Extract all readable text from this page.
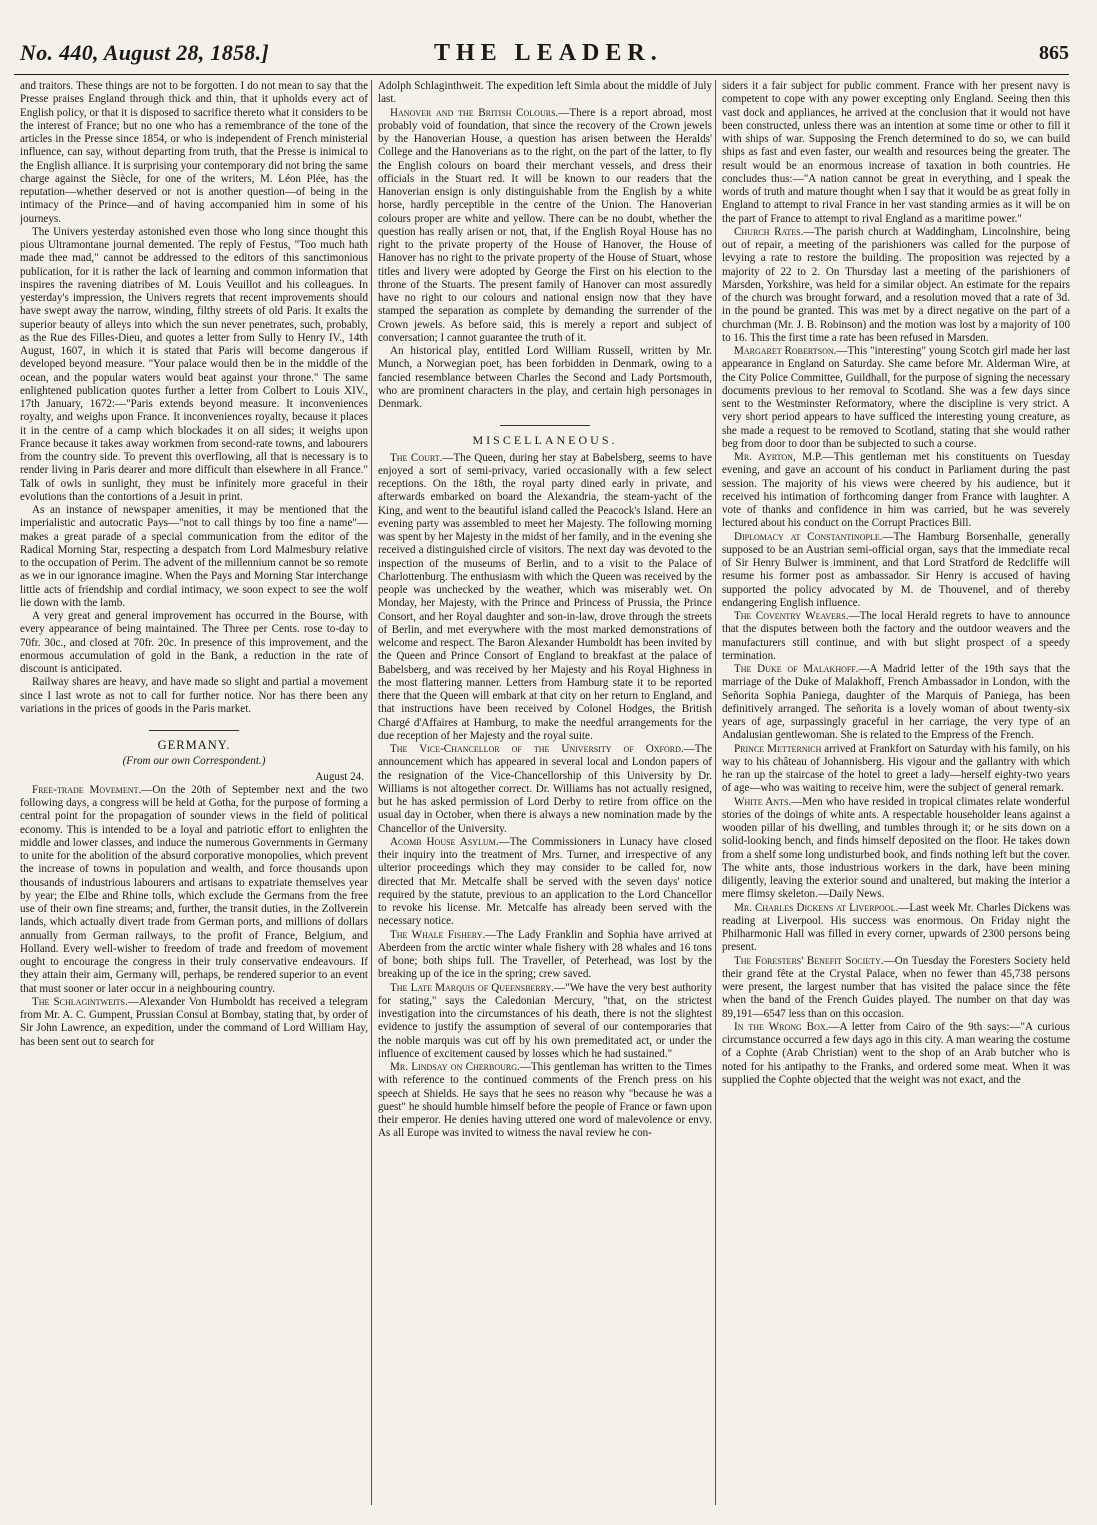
No. 440, August 28, 1858.]	THE LEADER.	865

and traitors. These things are not to be forgotten. I do not mean to say that the Presse praises England through thick and thin, that it upholds every act of English policy, or that it is disposed to sacrifice thereto what it considers to be the interest of France; but no one who has a remembrance of the tone of the articles in the Presse since 1854, or who is independent of French ministerial influence, can say, without departing from truth, that the Presse is inimical to the English alliance. It is surprising your contemporary did not bring the same charge against the Siècle, for one of the writers, M. Léon Plée, has the reputation—whether deserved or not is another question—of being in the intimacy of the Prince—and of having accompanied him in some of his journeys.

The Univers yesterday astonished even those who long since thought this pious Ultramontane journal demented. The reply of Festus, "Too much hath made thee mad," cannot be addressed to the editors of this sanctimonious publication, for it is rather the lack of learning and common information that inspires the ravening diatribes of M. Louis Veuillot and his colleagues. In yesterday's impression, the Univers regrets that recent improvements should have swept away the narrow, winding, filthy streets of old Paris. It exalts the superior beauty of alleys into which the sun never penetrates, such, probably, as the Rue des Filles-Dieu, and quotes a letter from Sully to Henry IV., 14th August, 1607, in which it is stated that Paris will become dangerous if developed beyond measure. "Your palace would then be in the middle of the ocean, and the popular waters would beat against your throne." The same enlightened publication quotes further a letter from Colbert to Louis XIV., 17th January, 1672:—"Paris extends beyond measure. It inconveniences royalty, and weighs upon France. It inconveniences royalty, because it places it in the centre of a camp which blockades it on all sides; it weighs upon France because it takes away workmen from second-rate towns, and labourers from the country side. To prevent this overflowing, all that is necessary is to render living in Paris dearer and more difficult than elsewhere in all France." Talk of owls in sunlight, they must be infinitely more graceful in their evolutions than the contortions of a Jesuit in print.

As an instance of newspaper amenities, it may be mentioned that the imperialistic and autocratic Pays—"not to call things by too fine a name"—makes a great parade of a special communication from the editor of the Radical Morning Star, respecting a despatch from Lord Malmesbury relative to the occupation of Perim. The advent of the millennium cannot be so remote as we in our ignorance imagine. When the Pays and Morning Star interchange little acts of friendship and cordial intimacy, we soon expect to see the wolf lie down with the lamb.

A very great and general improvement has occurred in the Bourse, with every appearance of being maintained. The Three per Cents. rose to-day to 70fr. 30c., and closed at 70fr. 20c. In presence of this improvement, and the enormous accumulation of gold in the Bank, a reduction in the rate of discount is anticipated.

Railway shares are heavy, and have made so slight and partial a movement since I last wrote as not to call for further notice. Nor has there been any variations in the prices of goods in the Paris market.

GERMANY.
(From our own Correspondent.)
August 24.

Free-trade Movement.—On the 20th of September next and the two following days, a congress will be held at Gotha, for the purpose of forming a central point for the propagation of sounder views in the field of political economy. This is intended to be a loyal and patriotic effort to enlighten the middle and lower classes, and induce the numerous Governments in Germany to unite for the abolition of the absurd corporative monopolies, which prevent the increase of towns in population and wealth, and force thousands upon thousands of industrious labourers and artisans to expatriate themselves year by year; the Elbe and Rhine tolls, which exclude the Germans from the free use of their own fine streams; and, further, the transit duties, in the Zollverein lands, which actually divert trade from German ports, and millions of dollars annually from German railways, to the profit of France, Belgium, and Holland. Every well-wisher to freedom of trade and freedom of movement ought to encourage the congress in their truly conservative endeavours. If they attain their aim, Germany will, perhaps, be rendered superior to an event that must sooner or later occur in a neighbouring country.

The Schlagintweits.—Alexander Von Humboldt has received a telegram from Mr. A. C. Gumpent, Prussian Consul at Bombay, stating that, by order of Sir John Lawrence, an expedition, under the command of Lord William Hay, has been sent out to search for

Adolph Schlaginthweit. The expedition left Simla about the middle of July last.

Hanover and the British Colours.—There is a report abroad, most probably void of foundation, that since the recovery of the Crown jewels by the Hanoverian House, a question has arisen between the Heralds' College and the Hanoverians as to the right, on the part of the latter, to fly the English colours on board their merchant vessels, and dress their officials in the Stuart red. It will be known to our readers that the Hanoverian ensign is only distinguishable from the English by a white horse, hardly perceptible in the centre of the Union. The Hanoverian colours proper are white and yellow. There can be no doubt, whether the question has really arisen or not, that, if the English Royal House has no right to the private property of the House of Hanover, the House of Hanover has no right to the private property of the House of Stuart, whose titles and livery were adopted by George the First on his election to the throne of the Stuarts. The present family of Hanover can most assuredly have no right to our colours and national ensign now that they have stamped the separation as complete by demanding the surrender of the Crown jewels. As before said, this is merely a report and subject of conversation; I cannot guarantee the truth of it.

An historical play, entitled Lord William Russell, written by Mr. Munch, a Norwegian poet, has been forbidden in Denmark, owing to a fancied resemblance between Charles the Second and Lady Portsmouth, who are prominent characters in the play, and certain high personages in Denmark.

MISCELLANEOUS.

The Court.—The Queen, during her stay at Babelsberg, seems to have enjoyed a sort of semi-privacy, varied occasionally with a few select receptions. On the 18th, the royal party dined early in private, and afterwards embarked on board the Alexandria, the steam-yacht of the King, and went to the beautiful island called the Peacock's Island. Here an evening party was assembled to meet her Majesty. The following morning was spent by her Majesty in the midst of her family, and in the evening she received a distinguished circle of visitors. The next day was devoted to the inspection of the museums of Berlin, and to a visit to the Palace of Charlottenburg. The enthusiasm with which the Queen was received by the people was unchecked by the weather, which was miserably wet. On Monday, her Majesty, with the Prince and Princess of Prussia, the Prince Consort, and her Royal daughter and son-in-law, drove through the streets of Berlin, and met everywhere with the most marked demonstrations of welcome and respect. The Baron Alexander Humboldt has been invited by the Queen and Prince Consort of England to breakfast at the palace of Babelsberg, and was received by her Majesty and his Royal Highness in the most flattering manner. Letters from Hamburg state it to be reported there that the Queen will embark at that city on her return to England, and that instructions have been received by Colonel Hodges, the British Chargé d'Affaires at Hamburg, to make the needful arrangements for the due reception of her Majesty and the royal suite.

The Vice-Chancellor of the University of Oxford.—The announcement which has appeared in several local and London papers of the resignation of the Vice-Chancellorship of this University by Dr. Williams is not altogether correct. Dr. Williams has not actually resigned, but he has asked permission of Lord Derby to retire from office on the usual day in October, when there is always a new nomination made by the Chancellor of the University.

Acomb House Asylum.—The Commissioners in Lunacy have closed their inquiry into the treatment of Mrs. Turner, and irrespective of any ulterior proceedings which they may consider to be called for, now directed that Mr. Metcalfe shall be served with the seven days' notice required by the statute, previous to an application to the Lord Chancellor to revoke his license. Mr. Metcalfe has already been served with the necessary notice.

The Whale Fishery.—The Lady Franklin and Sophia have arrived at Aberdeen from the arctic winter whale fishery with 28 whales and 16 tons of bone; both ships full. The Traveller, of Peterhead, was lost by the breaking up of the ice in the spring; crew saved.

The Late Marquis of Queensberry.—"We have the very best authority for stating," says the Caledonian Mercury, "that, on the strictest investigation into the circumstances of his death, there is not the slightest evidence to justify the assumption of several of our contemporaries that the noble marquis was cut off by his own premeditated act, or under the influence of excitement caused by losses which he had sustained."

Mr. Lindsay on Cherbourg.—This gentleman has written to the Times with reference to the continued comments of the French press on his speech at Shields. He says that he sees no reason why "because he was a guest" he should humble himself before the people of France or fawn upon their emperor. He denies having uttered one word of malevolence or envy. As all Europe was invited to witness the naval review he con-

siders it a fair subject for public comment. France with her present navy is competent to cope with any power excepting only England. Seeing then this vast dock and appliances, he arrived at the conclusion that it would not have been constructed, unless there was an intention at some time or other to fill it with ships of war. Supposing the French determined to do so, we can build ships as fast and even faster, our wealth and resources being the greater. The result would be an enormous increase of taxation in both countries. He concludes thus:—"A nation cannot be great in everything, and I speak the words of truth and mature thought when I say that it would be as great folly in England to attempt to rival France in her vast standing armies as it will be on the part of France to attempt to rival England as a maritime power."

Church Rates.—The parish church at Waddingham, Lincolnshire, being out of repair, a meeting of the parishioners was called for the purpose of levying a rate to restore the building. The proposition was rejected by a majority of 22 to 2. On Thursday last a meeting of the parishioners of Marsden, Yorkshire, was held for a similar object. An estimate for the repairs of the church was brought forward, and a resolution moved that a rate of 3d. in the pound be granted. This was met by a direct negative on the part of a churchman (Mr. J. B. Robinson) and the motion was lost by a majority of 100 to 16. This the first time a rate has been refused in Marsden.

Margaret Robertson.—This "interesting" young Scotch girl made her last appearance in England on Saturday. She came before Mr. Alderman Wire, at the City Police Committee, Guildhall, for the purpose of signing the necessary documents previous to her removal to Scotland. She was a few days since sent to the Westminster Reformatory, where the discipline is very strict. A very short period appears to have sufficed the interesting young creature, as she made a request to be removed to Scotland, stating that she would rather beg from door to door than be subjected to such a course.

Mr. Ayrton, M.P.—This gentleman met his constituents on Tuesday evening, and gave an account of his conduct in Parliament during the past session. The majority of his views were cheered by his audience, but it received his intimation of forthcoming danger from France with laughter. A vote of thanks and confidence in him was carried, but he was severely lectured about his conduct on the Corrupt Practices Bill.

Diplomacy at Constantinople.—The Hamburg Borsenhalle, generally supposed to be an Austrian semi-official organ, says that the immediate recal of Sir Henry Bulwer is imminent, and that Lord Stratford de Redcliffe will resume his former post as ambassador. Sir Henry is accused of having supported the policy advocated by M. de Thouvenel, and of thereby endangering English influence.

The Coventry Weavers.—The local Herald regrets to have to announce that the disputes between both the factory and the outdoor weavers and the manufacturers still continue, and with but slight prospect of a speedy termination.

The Duke of Malakhoff.—A Madrid letter of the 19th says that the marriage of the Duke of Malakhoff, French Ambassador in London, with the Señorita Sophia Paniega, daughter of the Marquis of Paniega, has been definitively arranged. The señorita is a lovely woman of about twenty-six years of age, surpassingly graceful in her carriage, the very type of an Andalusian gentlewoman. She is related to the Empress of the French.

Prince Metternich arrived at Frankfort on Saturday with his family, on his way to his château of Johannisberg. His vigour and the gallantry with which he ran up the staircase of the hotel to greet a lady—herself eighty-two years of age—who was waiting to receive him, were the subject of general remark.

White Ants.—Men who have resided in tropical climates relate wonderful stories of the doings of white ants. A respectable householder leans against a wooden pillar of his dwelling, and tumbles through it; or he sits down on a solid-looking bench, and finds himself deposited on the floor. He takes down from a shelf some long undisturbed book, and finds nothing left but the cover. The white ants, those industrious workers in the dark, have been mining diligently, leaving the exterior sound and unaltered, but making the interior a mere flimsy skeleton.—Daily News.

Mr. Charles Dickens at Liverpool.—Last week Mr. Charles Dickens was reading at Liverpool. His success was enormous. On Friday night the Philharmonic Hall was filled in every corner, upwards of 2300 persons being present.

The Foresters' Benefit Society.—On Tuesday the Foresters Society held their grand fête at the Crystal Palace, when no fewer than 45,738 persons were present, the largest number that has visited the palace since the fête when the band of the French Guides played. The number on that day was 89,191—6547 less than on this occasion.

In the Wrong Box.—A letter from Cairo of the 9th says:—"A curious circumstance occurred a few days ago in this city. A man wearing the costume of a Cophte (Arab Christian) went to the shop of an Arab butcher who is noted for his antipathy to the Franks, and ordered some meat. When it was supplied the Cophte objected that the weight was not exact, and the
